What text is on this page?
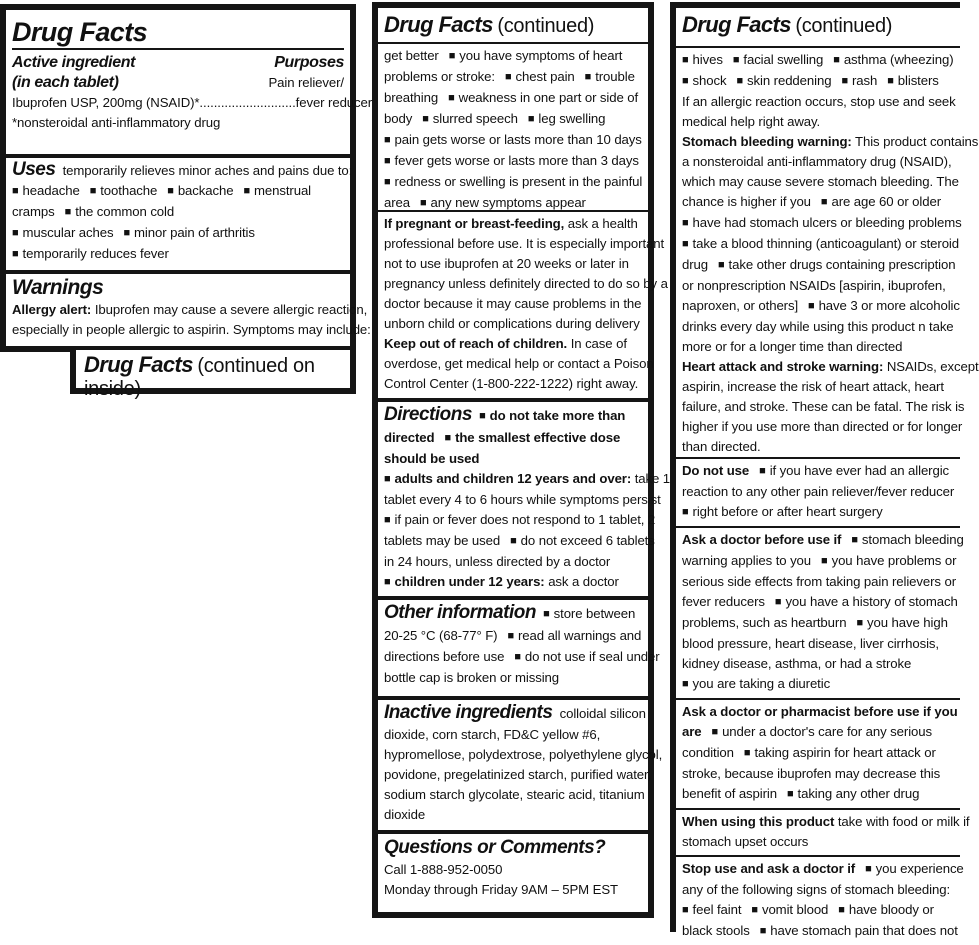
Drug Facts
Active ingredient	Purposes
(in each tablet)	Pain reliever/
Ibuprofen USP, 200mg (NSAID)*...........................fever reducer
*nonsteroidal anti-inflammatory drug
Uses temporarily relieves minor aches and pains due to:
■ headache ■ toothache ■ backache ■ menstrual
cramps ■ the common cold
■ muscular aches ■ minor pain of arthritis
■ temporarily reduces fever
Warnings
Allergy alert: Ibuprofen may cause a severe allergic reaction,
especially in people allergic to aspirin. Symptoms may include:
Drug Facts (continued on inside)
Drug Facts (continued)
get better ■ you have symptoms of heart
problems or stroke: ■ chest pain ■ trouble
breathing ■ weakness in one part or side of
body ■ slurred speech ■ leg swelling
■ pain gets worse or lasts more than 10 days
■ fever gets worse or lasts more than 3 days
■ redness or swelling is present in the painful
area ■ any new symptoms appear
If pregnant or breast-feeding, ask a health
professional before use. It is especially important
not to use ibuprofen at 20 weeks or later in
pregnancy unless definitely directed to do so by a
doctor because it may cause problems in the
unborn child or complications during delivery
Keep out of reach of children. In case of
overdose, get medical help or contact a Poison
Control Center (1-800-222-1222) right away.
Directions ■ do not take more than
directed ■ the smallest effective dose
should be used
■ adults and children 12 years and over: take 1
tablet every 4 to 6 hours while symptoms persist
■ if pain or fever does not respond to 1 tablet, 2
tablets may be used ■ do not exceed 6 tablets
in 24 hours, unless directed by a doctor
■ children under 12 years: ask a doctor
Other information ■ store between
20-25 °C (68-77° F) ■ read all warnings and
directions before use ■ do not use if seal under
bottle cap is broken or missing
Inactive ingredients colloidal silicon
dioxide, corn starch, FD&C yellow #6,
hypromellose, polydextrose, polyethylene glycol,
povidone, pregelatinized starch, purified water,
sodium starch glycolate, stearic acid, titanium
dioxide
Questions or Comments?
Call 1-888-952-0050
Monday through Friday 9AM – 5PM EST
Drug Facts (continued)
■ hives ■ facial swelling ■ asthma (wheezing)
■ shock ■ skin reddening ■ rash ■ blisters
If an allergic reaction occurs, stop use and seek
medical help right away.
Stomach bleeding warning: This product contains
a nonsteroidal anti-inflammatory drug (NSAID),
which may cause severe stomach bleeding. The
chance is higher if you ■ are age 60 or older
■ have had stomach ulcers or bleeding problems
■ take a blood thinning (anticoagulant) or steroid
drug ■ take other drugs containing prescription
or nonprescription NSAIDs [aspirin, ibuprofen,
naproxen, or others] ■ have 3 or more alcoholic
drinks every day while using this product n take
more or for a longer time than directed
Heart attack and stroke warning: NSAIDs, except
aspirin, increase the risk of heart attack, heart
failure, and stroke. These can be fatal. The risk is
higher if you use more than directed or for longer
than directed.
Do not use ■ if you have ever had an allergic
reaction to any other pain reliever/fever reducer
■ right before or after heart surgery
Ask a doctor before use if ■ stomach bleeding
warning applies to you ■ you have problems or
serious side effects from taking pain relievers or
fever reducers ■ you have a history of stomach
problems, such as heartburn ■ you have high
blood pressure, heart disease, liver cirrhosis,
kidney disease, asthma, or had a stroke
■ you are taking a diuretic
Ask a doctor or pharmacist before use if you
are ■ under a doctor's care for any serious
condition ■ taking aspirin for heart attack or
stroke, because ibuprofen may decrease this
benefit of aspirin ■ taking any other drug
When using this product take with food or milk if
stomach upset occurs
Stop use and ask a doctor if ■ you experience
any of the following signs of stomach bleeding:
■ feel faint ■ vomit blood ■ have bloody or
black stools ■ have stomach pain that does not
